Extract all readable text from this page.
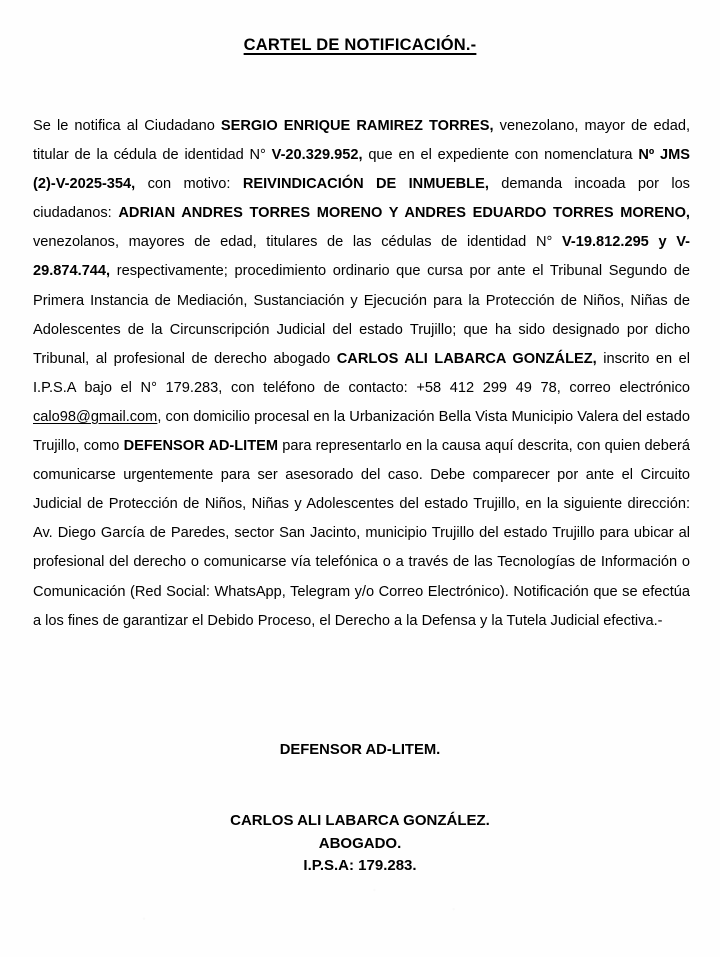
CARTEL DE NOTIFICACIÓN.-

Se le notifica al Ciudadano SERGIO ENRIQUE RAMIREZ TORRES, venezolano, mayor de edad, titular de la cédula de identidad N° V-20.329.952, que en el expediente con nomenclatura Nº JMS (2)-V-2025-354, con motivo: REIVINDICACIÓN DE INMUEBLE, demanda incoada por los ciudadanos: ADRIAN ANDRES TORRES MORENO Y ANDRES EDUARDO TORRES MORENO, venezolanos, mayores de edad, titulares de las cédulas de identidad N° V-19.812.295 y V-29.874.744, respectivamente; procedimiento ordinario que cursa por ante el Tribunal Segundo de Primera Instancia de Mediación, Sustanciación y Ejecución para la Protección de Niños, Niñas de Adolescentes de la Circunscripción Judicial del estado Trujillo; que ha sido designado por dicho Tribunal, al profesional de derecho abogado CARLOS ALI LABARCA GONZÁLEZ, inscrito en el I.P.S.A bajo el N° 179.283, con teléfono de contacto: +58 412 299 49 78, correo electrónico calo98@gmail.com, con domicilio procesal en la Urbanización Bella Vista Municipio Valera del estado Trujillo, como DEFENSOR AD-LITEM para representarlo en la causa aquí descrita, con quien deberá comunicarse urgentemente para ser asesorado del caso. Debe comparecer por ante el Circuito Judicial de Protección de Niños, Niñas y Adolescentes del estado Trujillo, en la siguiente dirección: Av. Diego García de Paredes, sector San Jacinto, municipio Trujillo del estado Trujillo para ubicar al profesional del derecho o comunicarse vía telefónica o a través de las Tecnologías de Información o Comunicación (Red Social: WhatsApp, Telegram y/o Correo Electrónico). Notificación que se efectúa a los fines de garantizar el Debido Proceso, el Derecho a la Defensa y la Tutela Judicial efectiva.-

DEFENSOR AD-LITEM.
CARLOS ALI LABARCA GONZÁLEZ.
ABOGADO.
I.P.S.A: 179.283.
